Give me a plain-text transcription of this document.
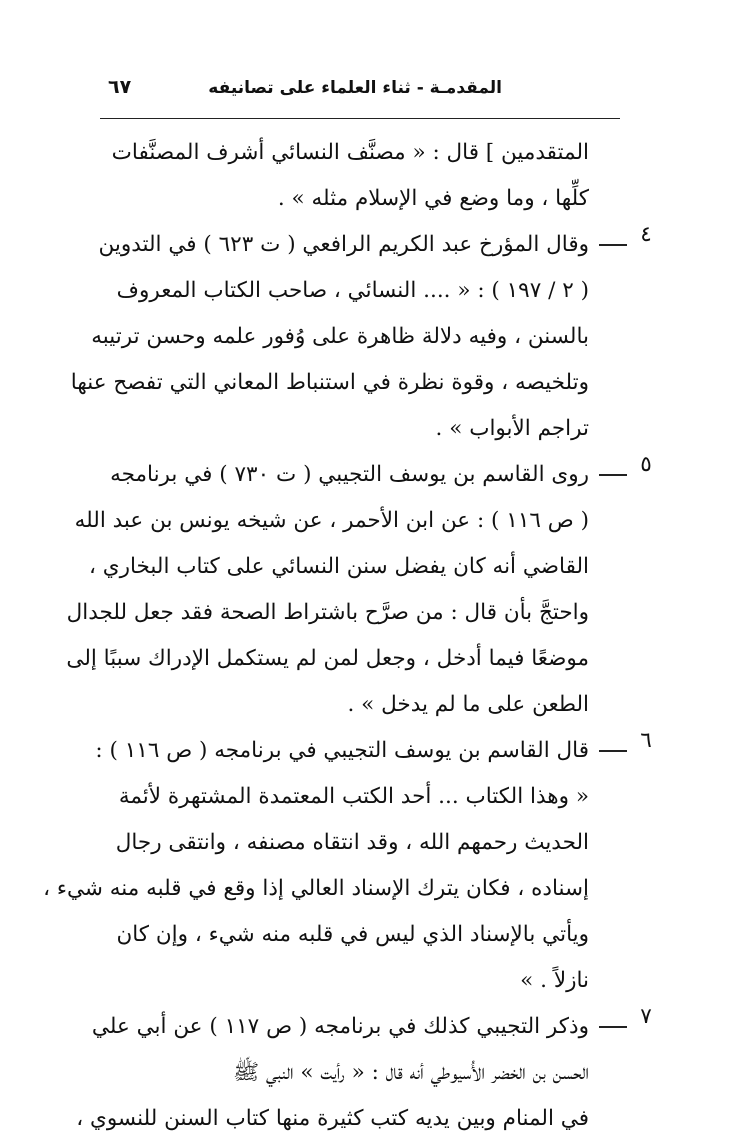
المقدمـة - ثناء العلماء على تصانيفه
٦٧
المتقدمين ] قال : « مصنَّف النسائي أشرف المصنَّفات
كلِّها ، وما وضع في الإسلام مثله » .
٤
وقال المؤرخ عبد الكريم الرافعي ( ت ٦٢٣ ) في التدوين
( ٢ / ١٩٧ ) : « .... النسائي ، صاحب الكتاب المعروف
بالسنن ، وفيه دلالة ظاهرة على وُفور علمه وحسن ترتيبه
وتلخيصه ، وقوة نظرة في استنباط المعاني التي تفصح عنها
تراجم الأبواب » .
٥
روى القاسم بن يوسف التجيبي ( ت ٧٣٠ ) في برنامجه
( ص ١١٦ ) : عن ابن الأحمر ، عن شيخه يونس بن عبد الله
القاضي أنه كان يفضل سنن النسائي على كتاب البخاري ،
واحتجَّ بأن قال : من صرَّح باشتراط الصحة فقد جعل للجدال
موضعًا فيما أدخل ، وجعل لمن لم يستكمل الإدراك سببًا إلى
الطعن على ما لم يدخل » .
٦
قال القاسم بن يوسف التجيبي في برنامجه ( ص ١١٦ ) :
« وهذا الكتاب ... أحد الكتب المعتمدة المشتهرة لأئمة
الحديث رحمهم الله ، وقد انتقاه مصنفه ، وانتقى رجال
إسناده ، فكان يترك الإسناد العالي إذا وقع في قلبه منه شيء ،
ويأتي بالإسناد الذي ليس في قلبه منه شيء ، وإن كان
نازلاً . »
٧
وذكر التجيبي كذلك في برنامجه ( ص ١١٧ ) عن أبي علي
الحسن بن الخضر الأُسيوطي أنه قال : « رأيت » النبي ﷺ
في المنام وبين يديه كتب كثيرة منها كتاب السنن للنسوي ،
